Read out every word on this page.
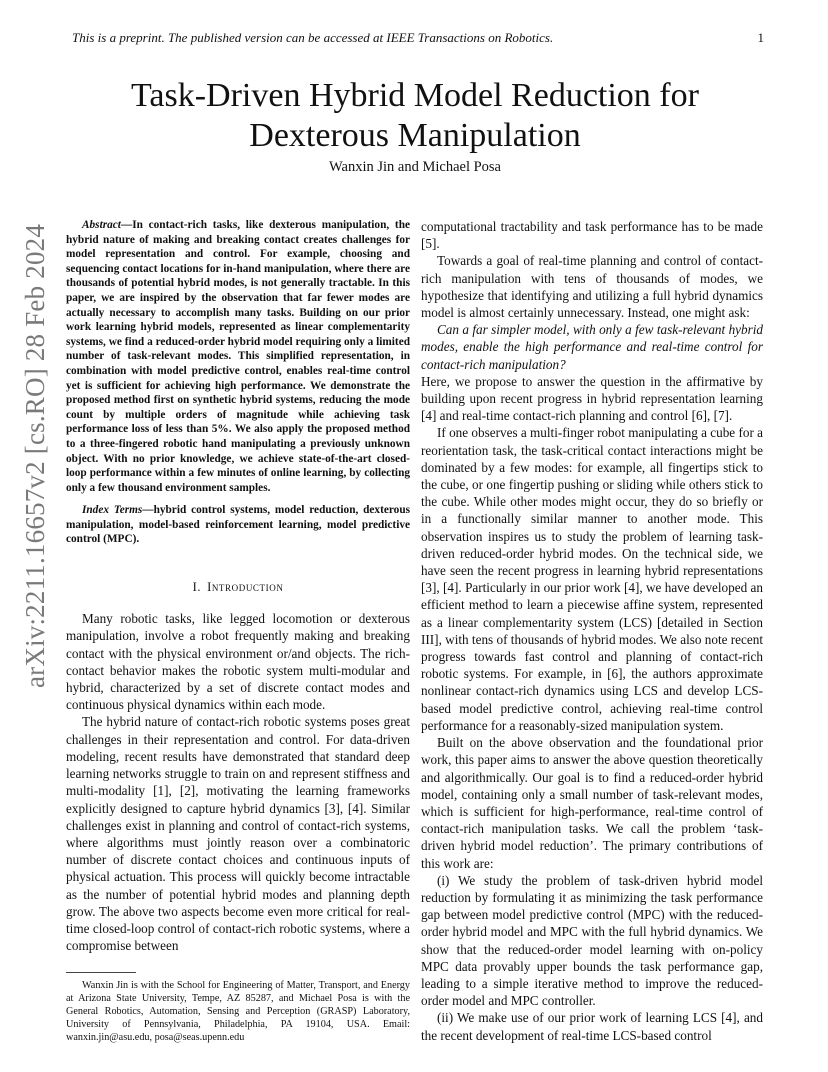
This is a preprint. The published version can be accessed at IEEE Transactions on Robotics.	1
arXiv:2211.16657v2 [cs.RO] 28 Feb 2024
Task-Driven Hybrid Model Reduction for Dexterous Manipulation
Wanxin Jin and Michael Posa

Abstract—In contact-rich tasks, like dexterous manipulation, the hybrid nature of making and breaking contact creates challenges for model representation and control. For example, choosing and sequencing contact locations for in-hand manipulation, where there are thousands of potential hybrid modes, is not generally tractable. In this paper, we are inspired by the observation that far fewer modes are actually necessary to accomplish many tasks. Building on our prior work learning hybrid models, represented as linear complementarity systems, we find a reduced-order hybrid model requiring only a limited number of task-relevant modes. This simplified representation, in combination with model predictive control, enables real-time control yet is sufficient for achieving high performance. We demonstrate the proposed method first on synthetic hybrid systems, reducing the mode count by multiple orders of magnitude while achieving task performance loss of less than 5%. We also apply the proposed method to a three-fingered robotic hand manipulating a previously unknown object. With no prior knowledge, we achieve state-of-the-art closed-loop performance within a few minutes of online learning, by collecting only a few thousand environment samples.

Index Terms—hybrid control systems, model reduction, dexterous manipulation, model-based reinforcement learning, model predictive control (MPC).

I. Introduction

Many robotic tasks, like legged locomotion or dexterous manipulation, involve a robot frequently making and breaking contact with the physical environment or/and objects. The rich-contact behavior makes the robotic system multi-modular and hybrid, characterized by a set of discrete contact modes and continuous physical dynamics within each mode.

The hybrid nature of contact-rich robotic systems poses great challenges in their representation and control. For data-driven modeling, recent results have demonstrated that standard deep learning networks struggle to train on and represent stiffness and multi-modality [1], [2], motivating the learning frameworks explicitly designed to capture hybrid dynamics [3], [4]. Similar challenges exist in planning and control of contact-rich systems, where algorithms must jointly reason over a combinatoric number of discrete contact choices and continuous inputs of physical actuation. This process will quickly become intractable as the number of potential hybrid modes and planning depth grow. The above two aspects become even more critical for real-time closed-loop control of contact-rich robotic systems, where a compromise between

Wanxin Jin is with the School for Engineering of Matter, Transport, and Energy at Arizona State University, Tempe, AZ 85287, and Michael Posa is with the General Robotics, Automation, Sensing and Perception (GRASP) Laboratory, University of Pennsylvania, Philadelphia, PA 19104, USA. Email: wanxin.jin@asu.edu, posa@seas.upenn.edu

computational tractability and task performance has to be made [5].

Towards a goal of real-time planning and control of contact-rich manipulation with tens of thousands of modes, we hypothesize that identifying and utilizing a full hybrid dynamics model is almost certainly unnecessary. Instead, one might ask:

Can a far simpler model, with only a few task-relevant hybrid modes, enable the high performance and real-time control for contact-rich manipulation?

Here, we propose to answer the question in the affirmative by building upon recent progress in hybrid representation learning [4] and real-time contact-rich planning and control [6], [7].

If one observes a multi-finger robot manipulating a cube for a reorientation task, the task-critical contact interactions might be dominated by a few modes: for example, all fingertips stick to the cube, or one fingertip pushing or sliding while others stick to the cube. While other modes might occur, they do so briefly or in a functionally similar manner to another mode. This observation inspires us to study the problem of learning task-driven reduced-order hybrid modes. On the technical side, we have seen the recent progress in learning hybrid representations [3], [4]. Particularly in our prior work [4], we have developed an efficient method to learn a piecewise affine system, represented as a linear complementarity system (LCS) [detailed in Section III], with tens of thousands of hybrid modes. We also note recent progress towards fast control and planning of contact-rich robotic systems. For example, in [6], the authors approximate nonlinear contact-rich dynamics using LCS and develop LCS-based model predictive control, achieving real-time control performance for a reasonably-sized manipulation system.

Built on the above observation and the foundational prior work, this paper aims to answer the above question theoretically and algorithmically. Our goal is to find a reduced-order hybrid model, containing only a small number of task-relevant modes, which is sufficient for high-performance, real-time control of contact-rich manipulation tasks. We call the problem ‘task-driven hybrid model reduction’. The primary contributions of this work are:

(i) We study the problem of task-driven hybrid model reduction by formulating it as minimizing the task performance gap between model predictive control (MPC) with the reduced-order hybrid model and MPC with the full hybrid dynamics. We show that the reduced-order model learning with on-policy MPC data provably upper bounds the task performance gap, leading to a simple iterative method to improve the reduced-order model and MPC controller.

(ii) We make use of our prior work of learning LCS [4], and the recent development of real-time LCS-based control
